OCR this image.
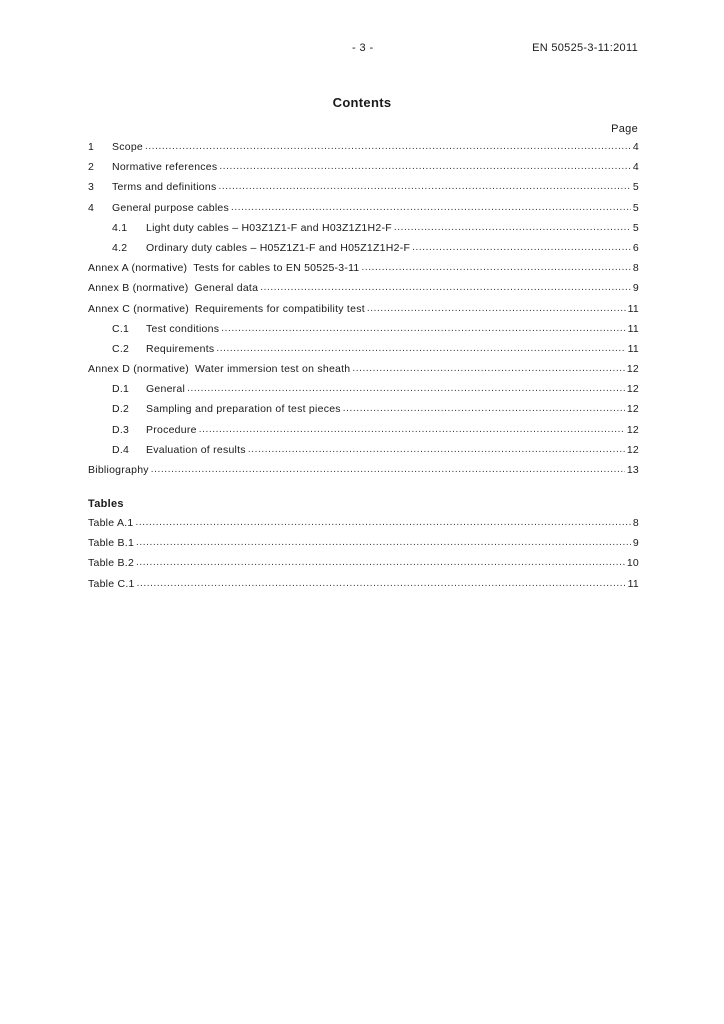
- 3 -	EN 50525-3-11:2011
Contents
Page
1	Scope .....	4
2	Normative references .....	4
3	Terms and definitions .....	5
4	General purpose cables .....	5
4.1	Light duty cables – H03Z1Z1-F and H03Z1Z1H2-F .....	5
4.2	Ordinary duty cables – H05Z1Z1-F and H05Z1Z1H2-F .....	6
Annex A (normative) Tests for cables to EN 50525-3-11 .....	8
Annex B (normative) General data .....	9
Annex C (normative) Requirements for compatibility test .....	11
C.1	Test conditions .....	11
C.2	Requirements .....	11
Annex D (normative) Water immersion test on sheath .....	12
D.1	General .....	12
D.2	Sampling and preparation of test pieces .....	12
D.3	Procedure .....	12
D.4	Evaluation of results .....	12
Bibliography .....	13
Tables
Table A.1 .....	8
Table B.1 .....	9
Table B.2 .....	10
Table C.1 .....	11
